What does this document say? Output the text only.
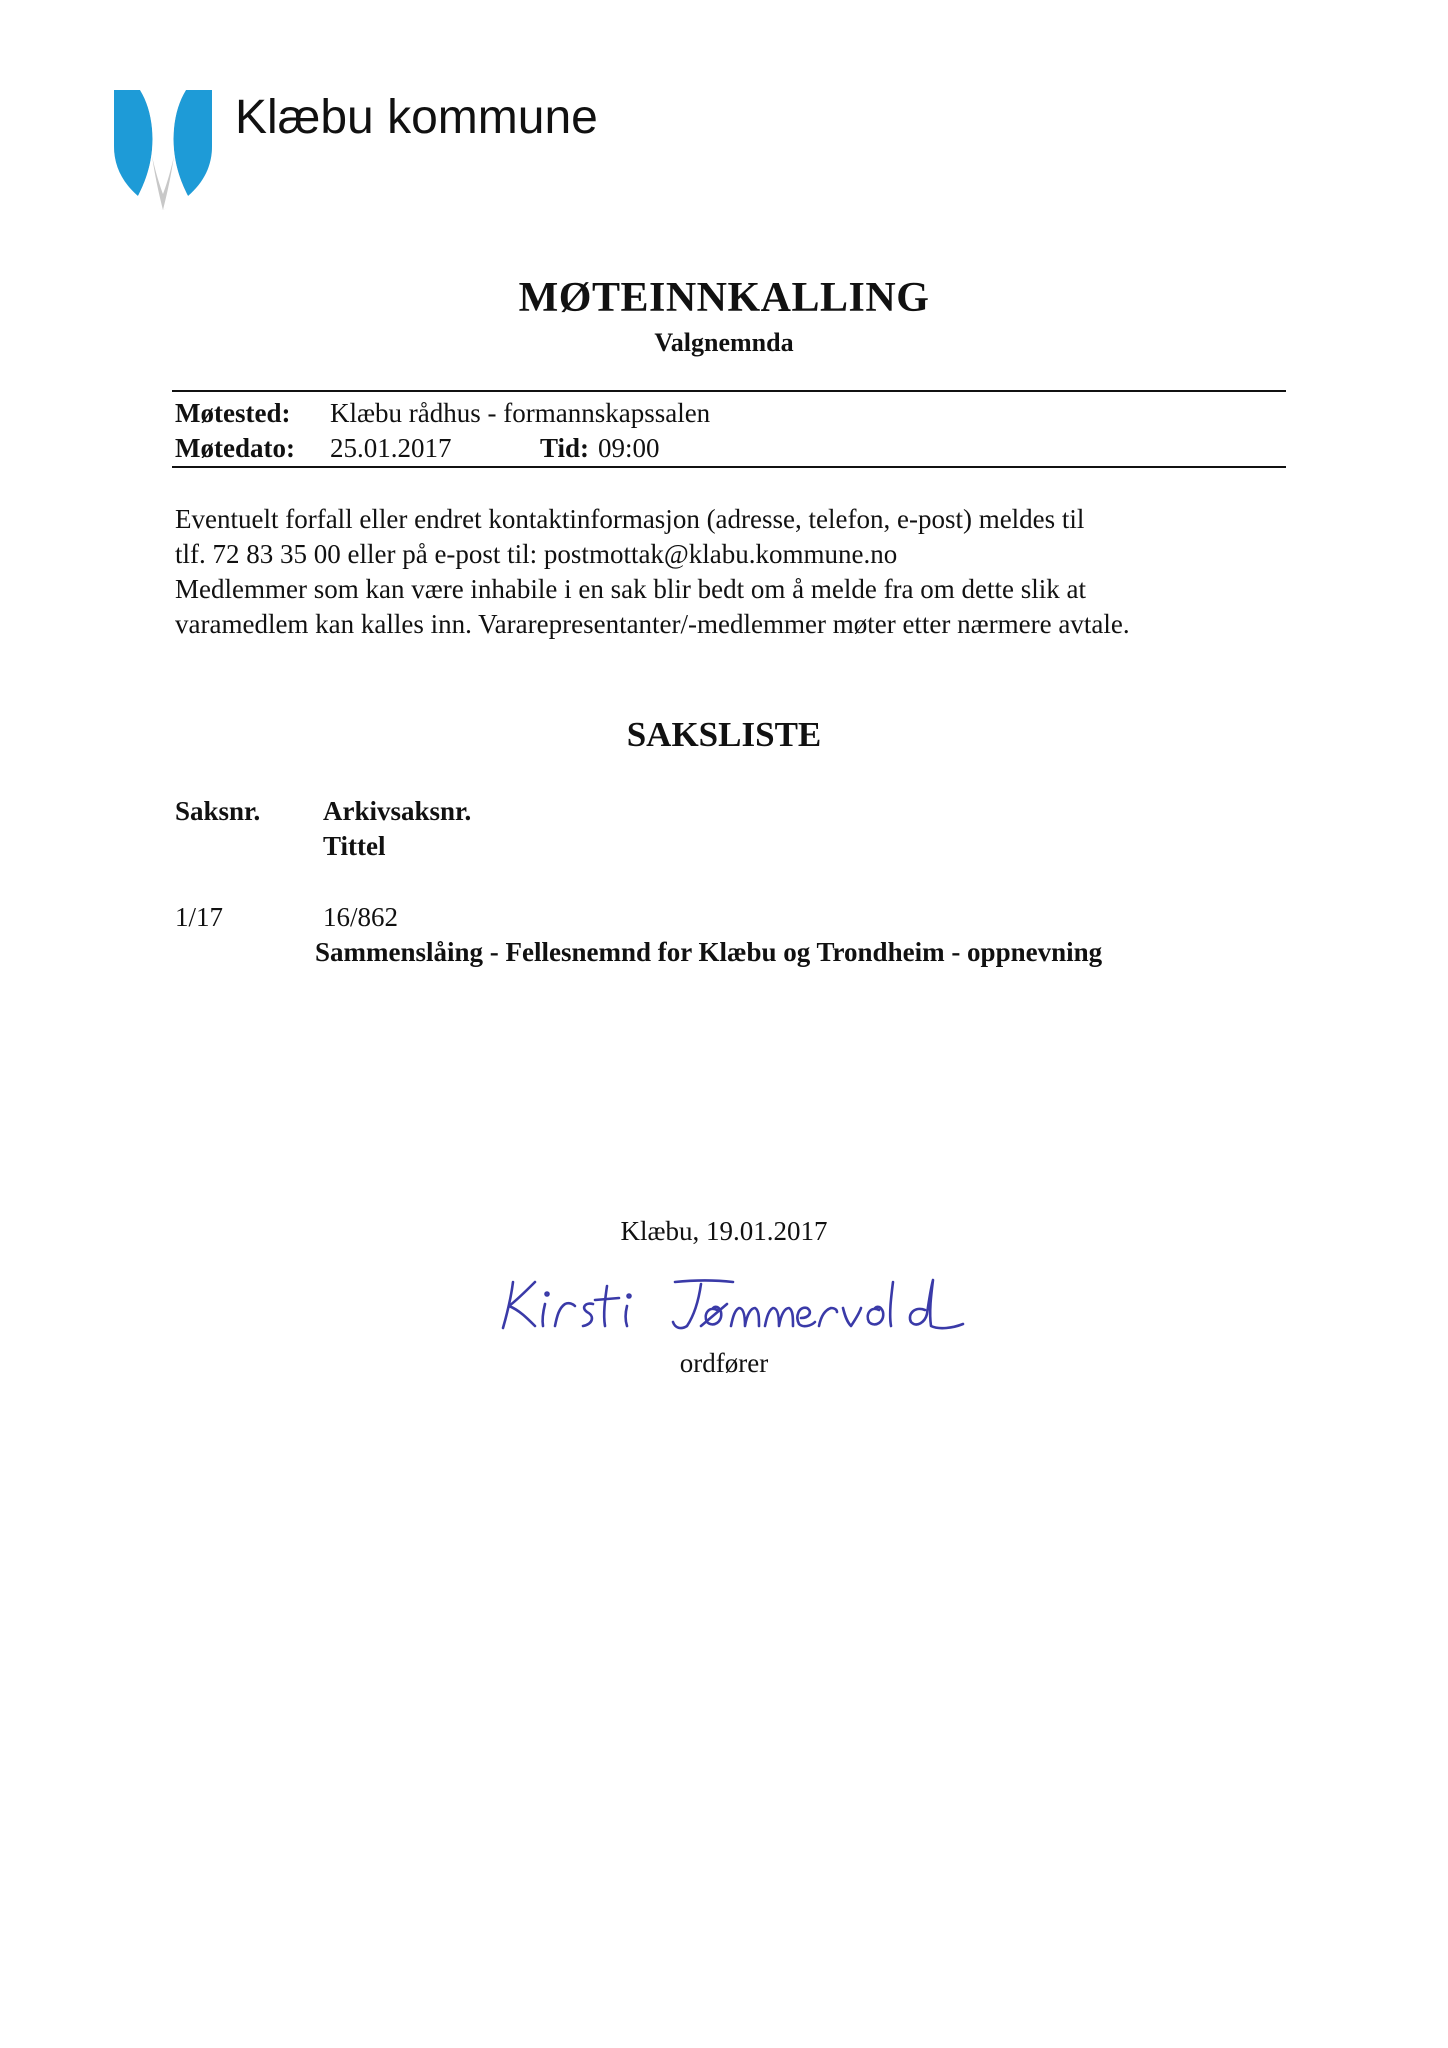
Klæbu kommune
MØTEINNKALLING
Valgnemnda
Møtested: Klæbu rådhus - formannskapssalen
Møtedato: 25.01.2017	Tid: 09:00

Eventuelt forfall eller endret kontaktinformasjon (adresse, telefon, e-post) meldes til

tlf. 72 83 35 00 eller på e-post til: postmottak@klabu.kommune.no

Medlemmer som kan være inhabile i en sak blir bedt om å melde fra om dette slik at

varamedlem kan kalles inn. Vararepresentanter/-medlemmer møter etter nærmere avtale.

SAKSLISTE
Saksnr. Arkivsaksnr.
Tittel
1/17	16/862
Sammenslåing - Fellesnemnd for Klæbu og Trondheim - oppnevning
Klæbu, 19.01.2017
ordfører
